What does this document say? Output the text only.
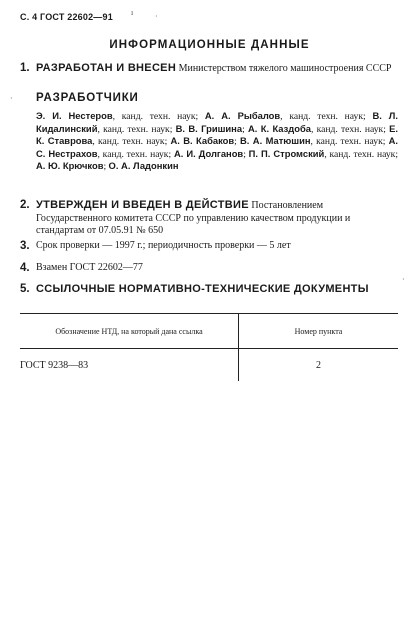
С. 4 ГОСТ 22602—91 ı	·
·
·
ИНФОРМАЦИОННЫЕ ДАННЫЕ
1. РАЗРАБОТАН И ВНЕСЕН Министерством тяжелого машиностроения СССР
РАЗРАБОТЧИКИ
Э. И. Нестеров, канд. техн. наук; А. А. Рыбалов, канд. техн. наук; В. Л. Кидалинский, канд. техн. наук; В. В. Гришина; А. К. Каздоба, канд. техн. наук; Е. К. Ставрова, канд. техн. наук; А. В. Кабаков; В. А. Матюшин, канд. техн. наук; А. С. Нестрахов, канд. техн. наук; А. И. Долганов; П. П. Стромский, канд. техн. наук; А. Ю. Крючков; О. А. Ладонкин
2. УТВЕРЖДЕН И ВВЕДЕН В ДЕЙСТВИЕ Постановлением Государственного комитета СССР по управлению качеством продукции и стандартам от 07.05.91 № 650
3. Срок проверки — 1997 г.; периодичность проверки — 5 лет
4. Взамен ГОСТ 22602—77
5. ССЫЛОЧНЫЕ НОРМАТИВНО-ТЕХНИЧЕСКИЕ ДОКУМЕНТЫ
Обозначение НТД, на который дана ссылка	Номер пункта
ГОСТ 9238—83	2
